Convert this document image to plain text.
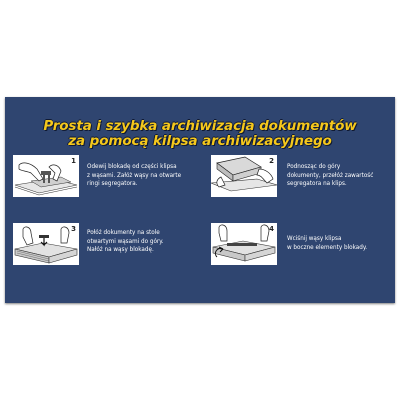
Prosta i szybka archiwizacja dokumentów
za pomocą kilpsa archiwizacyjnego
1
Odewij blokadę od części klipsa
z wąsami. Załóż wąsy na otwarte
ringi segregatora.
2
Podnosząc do góry
dokumenty, przełóż zawartość
segregatora na klips.
3 Połóż dokumenty na stole
otwartymi wąsami do góry.
Nałóż na wąsy blokadę.
4
Wciśnij wąsy klipsa
w boczne elementy blokady.
